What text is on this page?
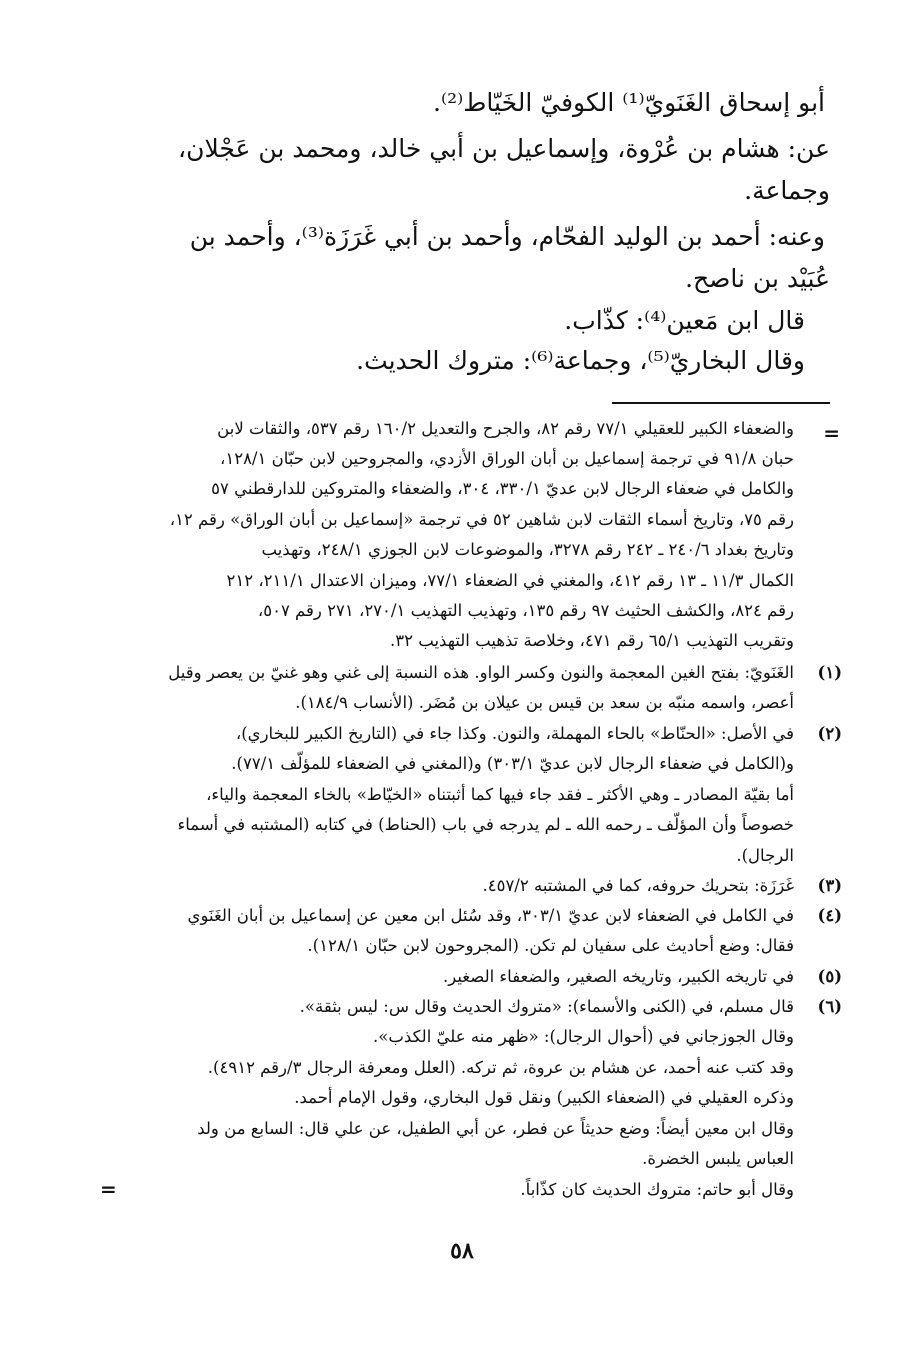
أبو إسحاق الغَنَويّ⁽¹⁾ الكوفيّ الخَيّاط⁽²⁾.
عن: هشام بن عُرْوة، وإسماعيل بن أبي خالد، ومحمد بن عَجْلان،
وجماعة.
وعنه: أحمد بن الوليد الفحّام، وأحمد بن أبي غَرَزَة⁽³⁾، وأحمد بن
عُبَيْد بن ناصح.
قال ابن مَعين⁽⁴⁾: كذّاب.
وقال البخاريّ⁽⁵⁾، وجماعة⁽⁶⁾: متروك الحديث.
=
والضعفاء الكبير للعقيلي ٧٧/١ رقم ٨٢، والجرح والتعديل ١٦٠/٢ رقم ٥٣٧، والثقات لابن
حبان ٩١/٨ في ترجمة إسماعيل بن أبان الوراق الأزدي، والمجروحين لابن حبّان ١٢٨/١،
والكامل في ضعفاء الرجال لابن عديّ ٣٣٠/١، ٣٠٤، والضعفاء والمتروكين للدارقطني ٥٧
رقم ٧٥، وتاريخ أسماء الثقات لابن شاهين ٥٢ في ترجمة «إسماعيل بن أبان الوراق» رقم ١٢،
وتاريخ بغداد ٢٤٠/٦ ـ ٢٤٢ رقم ٣٢٧٨، والموضوعات لابن الجوزي ٢٤٨/١، وتهذيب
الكمال ١١/٣ ـ ١٣ رقم ٤١٢، والمغني في الضعفاء ٧٧/١، وميزان الاعتدال ٢١١/١، ٢١٢
رقم ٨٢٤، والكشف الحثيث ٩٧ رقم ١٣٥، وتهذيب التهذيب ٢٧٠/١، ٢٧١ رقم ٥٠٧،
وتقريب التهذيب ٦٥/١ رقم ٤٧١، وخلاصة تذهيب التهذيب ٣٢.
(١)
الغَنَويّ: بفتح الغين المعجمة والنون وكسر الواو. هذه النسبة إلى غني وهو غنيّ بن يعصر وقيل
أعصر، واسمه منبّه بن سعد بن قيس بن عيلان بن مُضَر. (الأنساب ١٨٤/٩).
(٢)
في الأصل: «الحنّاط» بالحاء المهملة، والنون. وكذا جاء في (التاريخ الكبير للبخاري)،
و(الكامل في ضعفاء الرجال لابن عديّ ٣٠٣/١) و(المغني في الضعفاء للمؤلّف ٧٧/١).
أما بقيّة المصادر ـ وهي الأكثر ـ فقد جاء فيها كما أثبتناه «الخيّاط» بالخاء المعجمة والياء،
خصوصاً وأن المؤلّف ـ رحمه الله ـ لم يدرجه في باب (الحناط) في كتابه (المشتبه في أسماء
الرجال).
(٣)
غَرَزَة: بتحريك حروفه، كما في المشتبه ٤٥٧/٢.
(٤)
في الكامل في الضعفاء لابن عديّ ٣٠٣/١، وقد سُئل ابن معين عن إسماعيل بن أبان الغَنَوي
فقال: وضع أحاديث على سفيان لم تكن. (المجروحون لابن حبّان ١٢٨/١).
(٥)
في تاريخه الكبير، وتاريخه الصغير، والضعفاء الصغير.
(٦)
قال مسلم، في (الكنى والأسماء): «متروك الحديث وقال س: ليس بثقة».
وقال الجوزجاني في (أحوال الرجال): «ظهر منه عليّ الكذب».
وقد كتب عنه أحمد، عن هشام بن عروة، ثم تركه. (العلل ومعرفة الرجال ٣/رقم ٤٩١٢).
وذكره العقيلي في (الضعفاء الكبير) ونقل قول البخاري، وقول الإمام أحمد.
وقال ابن معين أيضاً: وضع حديثاً عن فطر، عن أبي الطفيل، عن علي قال: السابع من ولد
العباس يلبس الخضرة.
وقال أبو حاتم: متروك الحديث كان كذّاباً.
=
٥٨
